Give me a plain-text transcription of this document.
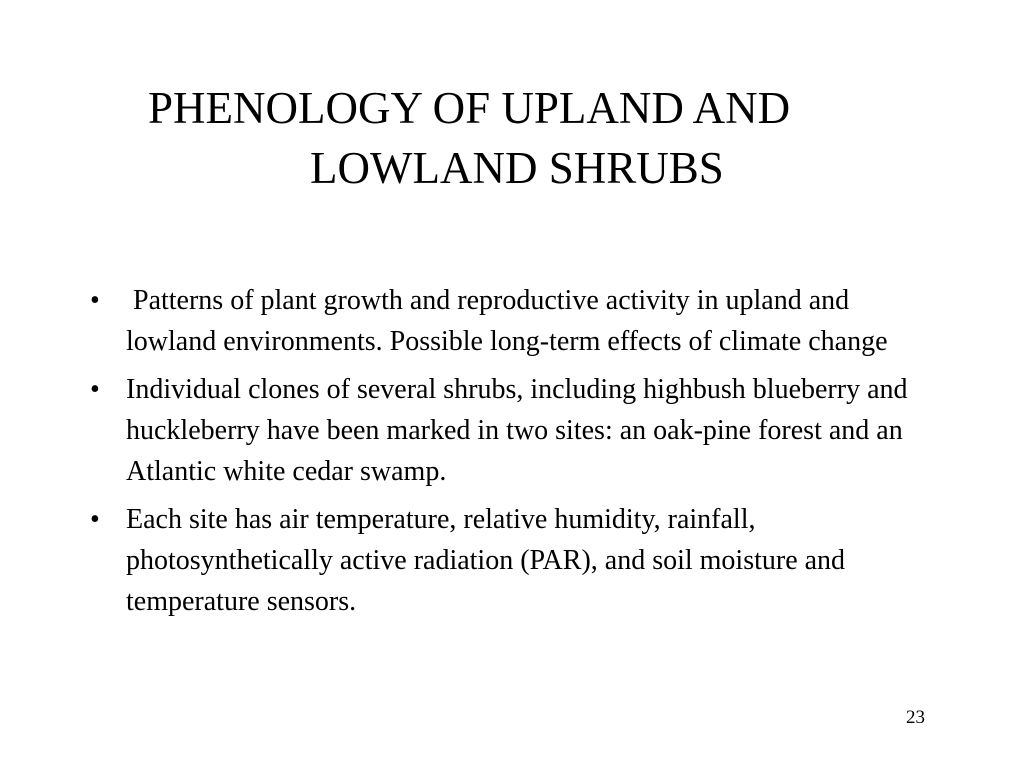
PHENOLOGY OF UPLAND AND
LOWLAND SHRUBS
• Patterns of plant growth and reproductive activity in upland and lowland environments. Possible long-term effects of climate change
• Individual clones of several shrubs, including highbush blueberry and huckleberry have been marked in two sites: an oak-pine forest and an Atlantic white cedar swamp.
• Each site has air temperature, relative humidity, rainfall, photosynthetically active radiation (PAR), and soil moisture and temperature sensors.
23
